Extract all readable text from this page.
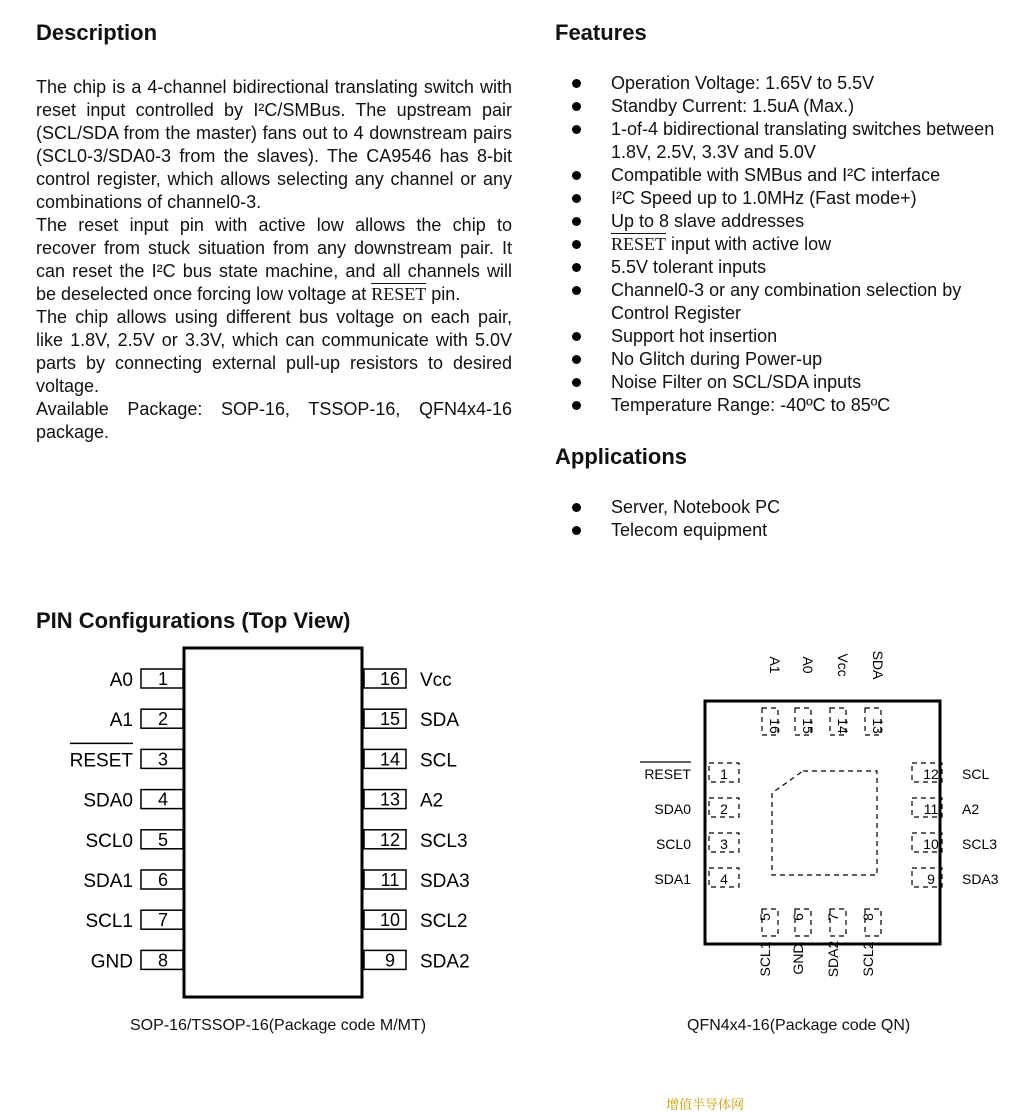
Description

The chip is a 4-channel bidirectional translating switch with reset input controlled by I²C/SMBus. The upstream pair (SCL/SDA from the master) fans out to 4 downstream pairs (SCL0-3/SDA0-3 from the slaves). The CA9546 has 8-bit control register, which allows selecting any channel or any combinations of channel0-3.

The reset input pin with active low allows the chip to recover from stuck situation from any downstream pair. It can reset the I²C bus state machine, and all channels will be deselected once forcing low voltage at RESET pin.

The chip allows using different bus voltage on each pair, like 1.8V, 2.5V or 3.3V, which can communicate with 5.0V parts by connecting external pull-up resistors to desired voltage.

Available Package: SOP-16, TSSOP-16, QFN4x4-16 package.

Features
Operation Voltage: 1.65V to 5.5V
Standby Current: 1.5uA (Max.)
1-of-4 bidirectional translating switches between 1.8V, 2.5V, 3.3V and 5.0V
Compatible with SMBus and I²C interface
I²C Speed up to 1.0MHz (Fast mode+)
Up to 8 slave addresses
RESET input with active low
5.5V tolerant inputs
Channel0-3 or any combination selection by Control Register
Support hot insertion
No Glitch during Power-up
Noise Filter on SCL/SDA inputs
Temperature Range: -40ºC to 85ºC
Applications
Server, Notebook PC
Telecom equipment
PIN Configurations (Top View)
1
A0	16 Vcc
2
A1	15 SDA
3
RESET	14 SCL
4
SDA0	13 A2
5
SCL0	12 SCL3
6
SDA1	11 SDA3
7
SCL1	10 SCL2
8
GND	9 SDA2
SOP-16/TSSOP-16(Package code M/MT)
16
A1
15
A0
14
Vcc
13
SDA
5
SCL1
6
GND
7
SDA2
8
SCL2
1
RESET
2
SDA0
3
SCL0
4
SDA1
12 SCL
11 A2
10 SCL3
9 SDA3
QFN4x4-16(Package code QN)
增值半导体网
